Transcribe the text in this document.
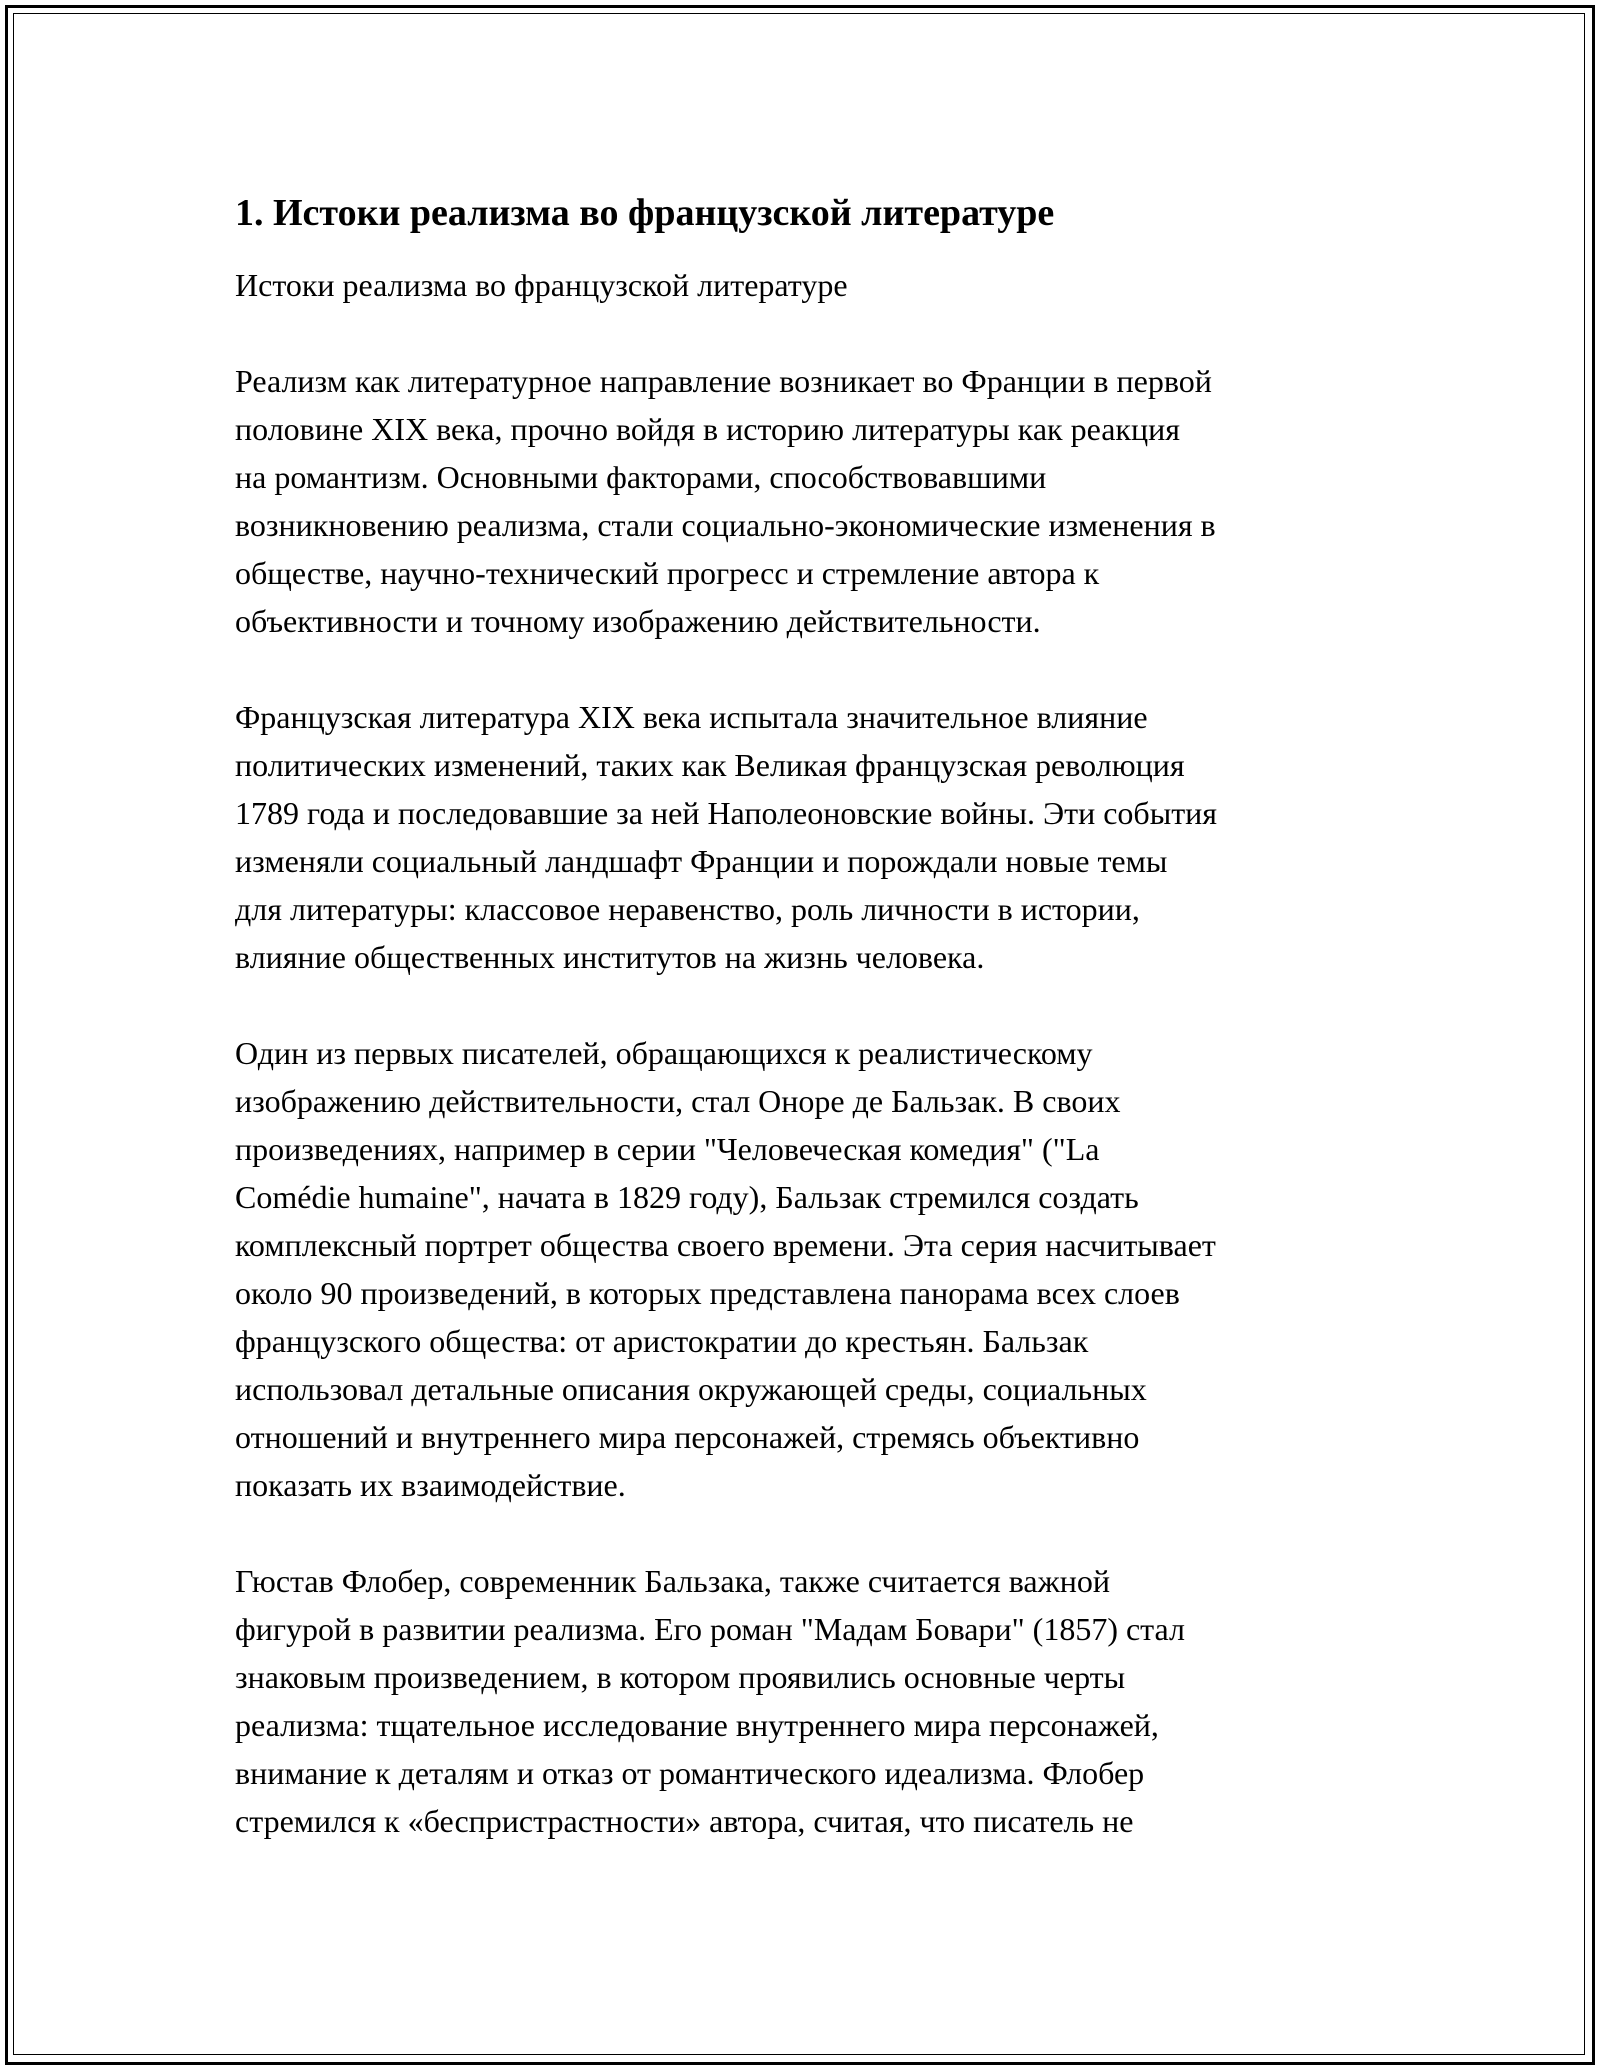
1. Истоки реализма во французской литературе
Истоки реализма во французской литературе

Реализм как литературное направление возникает во Франции в первой
половине XIX века, прочно войдя в историю литературы как реакция
на романтизм. Основными факторами, способствовавшими
возникновению реализма, стали социально-экономические изменения в
обществе, научно-технический прогресс и стремление автора к
объективности и точному изображению действительности.

Французская литература XIX века испытала значительное влияние
политических изменений, таких как Великая французская революция
1789 года и последовавшие за ней Наполеоновские войны. Эти события
изменяли социальный ландшафт Франции и порождали новые темы
для литературы: классовое неравенство, роль личности в истории,
влияние общественных институтов на жизнь человека.

Один из первых писателей, обращающихся к реалистическому
изображению действительности, стал Оноре де Бальзак. В своих
произведениях, например в серии "Человеческая комедия" ("La
Comédie humaine", начата в 1829 году), Бальзак стремился создать
комплексный портрет общества своего времени. Эта серия насчитывает
около 90 произведений, в которых представлена панорама всех слоев
французского общества: от аристократии до крестьян. Бальзак
использовал детальные описания окружающей среды, социальных
отношений и внутреннего мира персонажей, стремясь объективно
показать их взаимодействие.

Гюстав Флобер, современник Бальзака, также считается важной
фигурой в развитии реализма. Его роман "Мадам Бовари" (1857) стал
знаковым произведением, в котором проявились основные черты
реализма: тщательное исследование внутреннего мира персонажей,
внимание к деталям и отказ от романтического идеализма. Флобер
стремился к «беспристрастности» автора, считая, что писатель не
